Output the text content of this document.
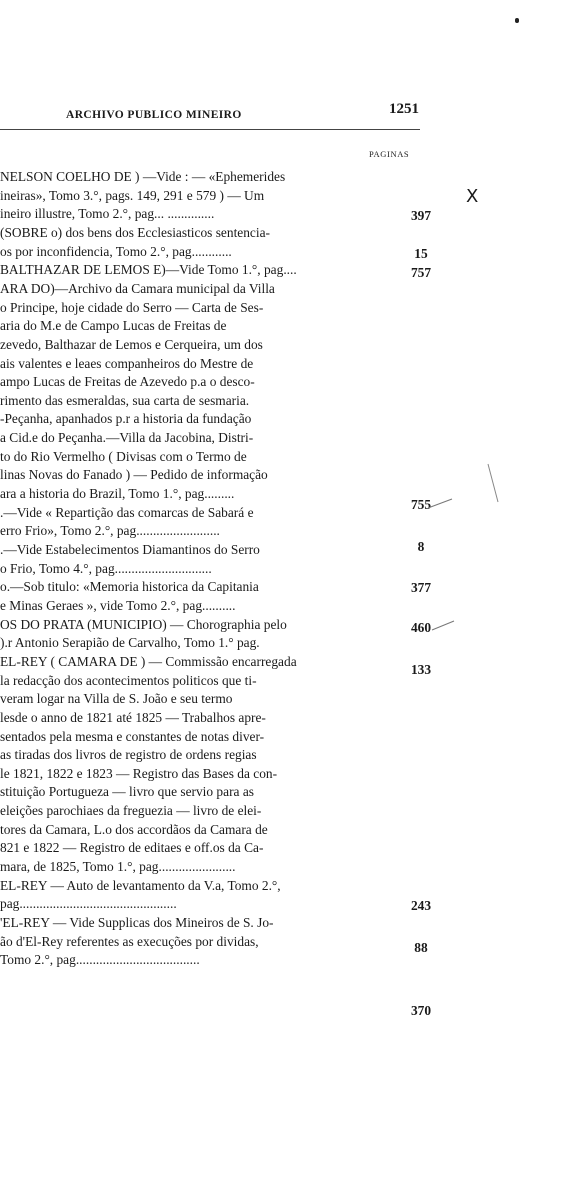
ARCHIVO PUBLICO MINEIRO	1251
PAGINAS
NELSON COELHO DE ) —Vide : — «Ephemerides
ineiras», Tomo 3.°, pags. 149, 291 e 579 ) — Um
ineiro illustre, Tomo 2.°, pag... ..............
(SOBRE o) dos bens dos Ecclesiasticos sentencia-
os por inconfidencia, Tomo 2.°, pag............
BALTHAZAR DE LEMOS E)—Vide Tomo 1.°, pag....
ARA DO)—Archivo da Camara municipal da Villa
o Principe, hoje cidade do Serro — Carta de Ses-
aria do M.e de Campo Lucas de Freitas de
zevedo, Balthazar de Lemos e Cerqueira, um dos
ais valentes e leaes companheiros do Mestre de
ampo Lucas de Freitas de Azevedo p.a o desco-
rimento das esmeraldas, sua carta de sesmaria.
-Peçanha, apanhados p.r a historia da fundação
a Cid.e do Peçanha.—Villa da Jacobina, Distri-
to do Rio Vermelho ( Divisas com o Termo de
linas Novas do Fanado ) — Pedido de informação
ara a historia do Brazil, Tomo 1.°, pag.........
.—Vide « Repartição das comarcas de Sabará e
erro Frio», Tomo 2.°, pag.........................
.—Vide Estabelecimentos Diamantinos do Serro
o Frio, Tomo 4.°, pag.............................
o.—Sob titulo: «Memoria historica da Capitania
e Minas Geraes », vide Tomo 2.°, pag..........
OS DO PRATA (MUNICIPIO) — Chorographia pelo
).r Antonio Serapião de Carvalho, Tomo 1.° pag.
EL-REY ( CAMARA DE ) — Commissão encarregada
la redacção dos acontecimentos politicos que ti-
veram logar na Villa de S. João e seu termo
lesde o anno de 1821 até 1825 — Trabalhos apre-
sentados pela mesma e constantes de notas diver-
as tiradas dos livros de registro de ordens regias
le 1821, 1822 e 1823 — Registro das Bases da con-
stituição Portugueza — livro que servio para as
eleições parochiaes da freguezia — livro de elei-
tores da Camara, L.o dos accordãos da Camara de
821 e 1822 — Registro de editaes e off.os da Ca-
mara, de 1825, Tomo 1.°, pag.......................
EL-REY — Auto de levantamento da V.a, Tomo 2.°,
pag...............................................
'EL-REY — Vide Supplicas dos Mineiros de S. Jo-
ão d'El-Rey referentes as execuções por dividas,
Tomo 2.°, pag.....................................
397
15
757
755
8
377
460
133
243
88
370
X
